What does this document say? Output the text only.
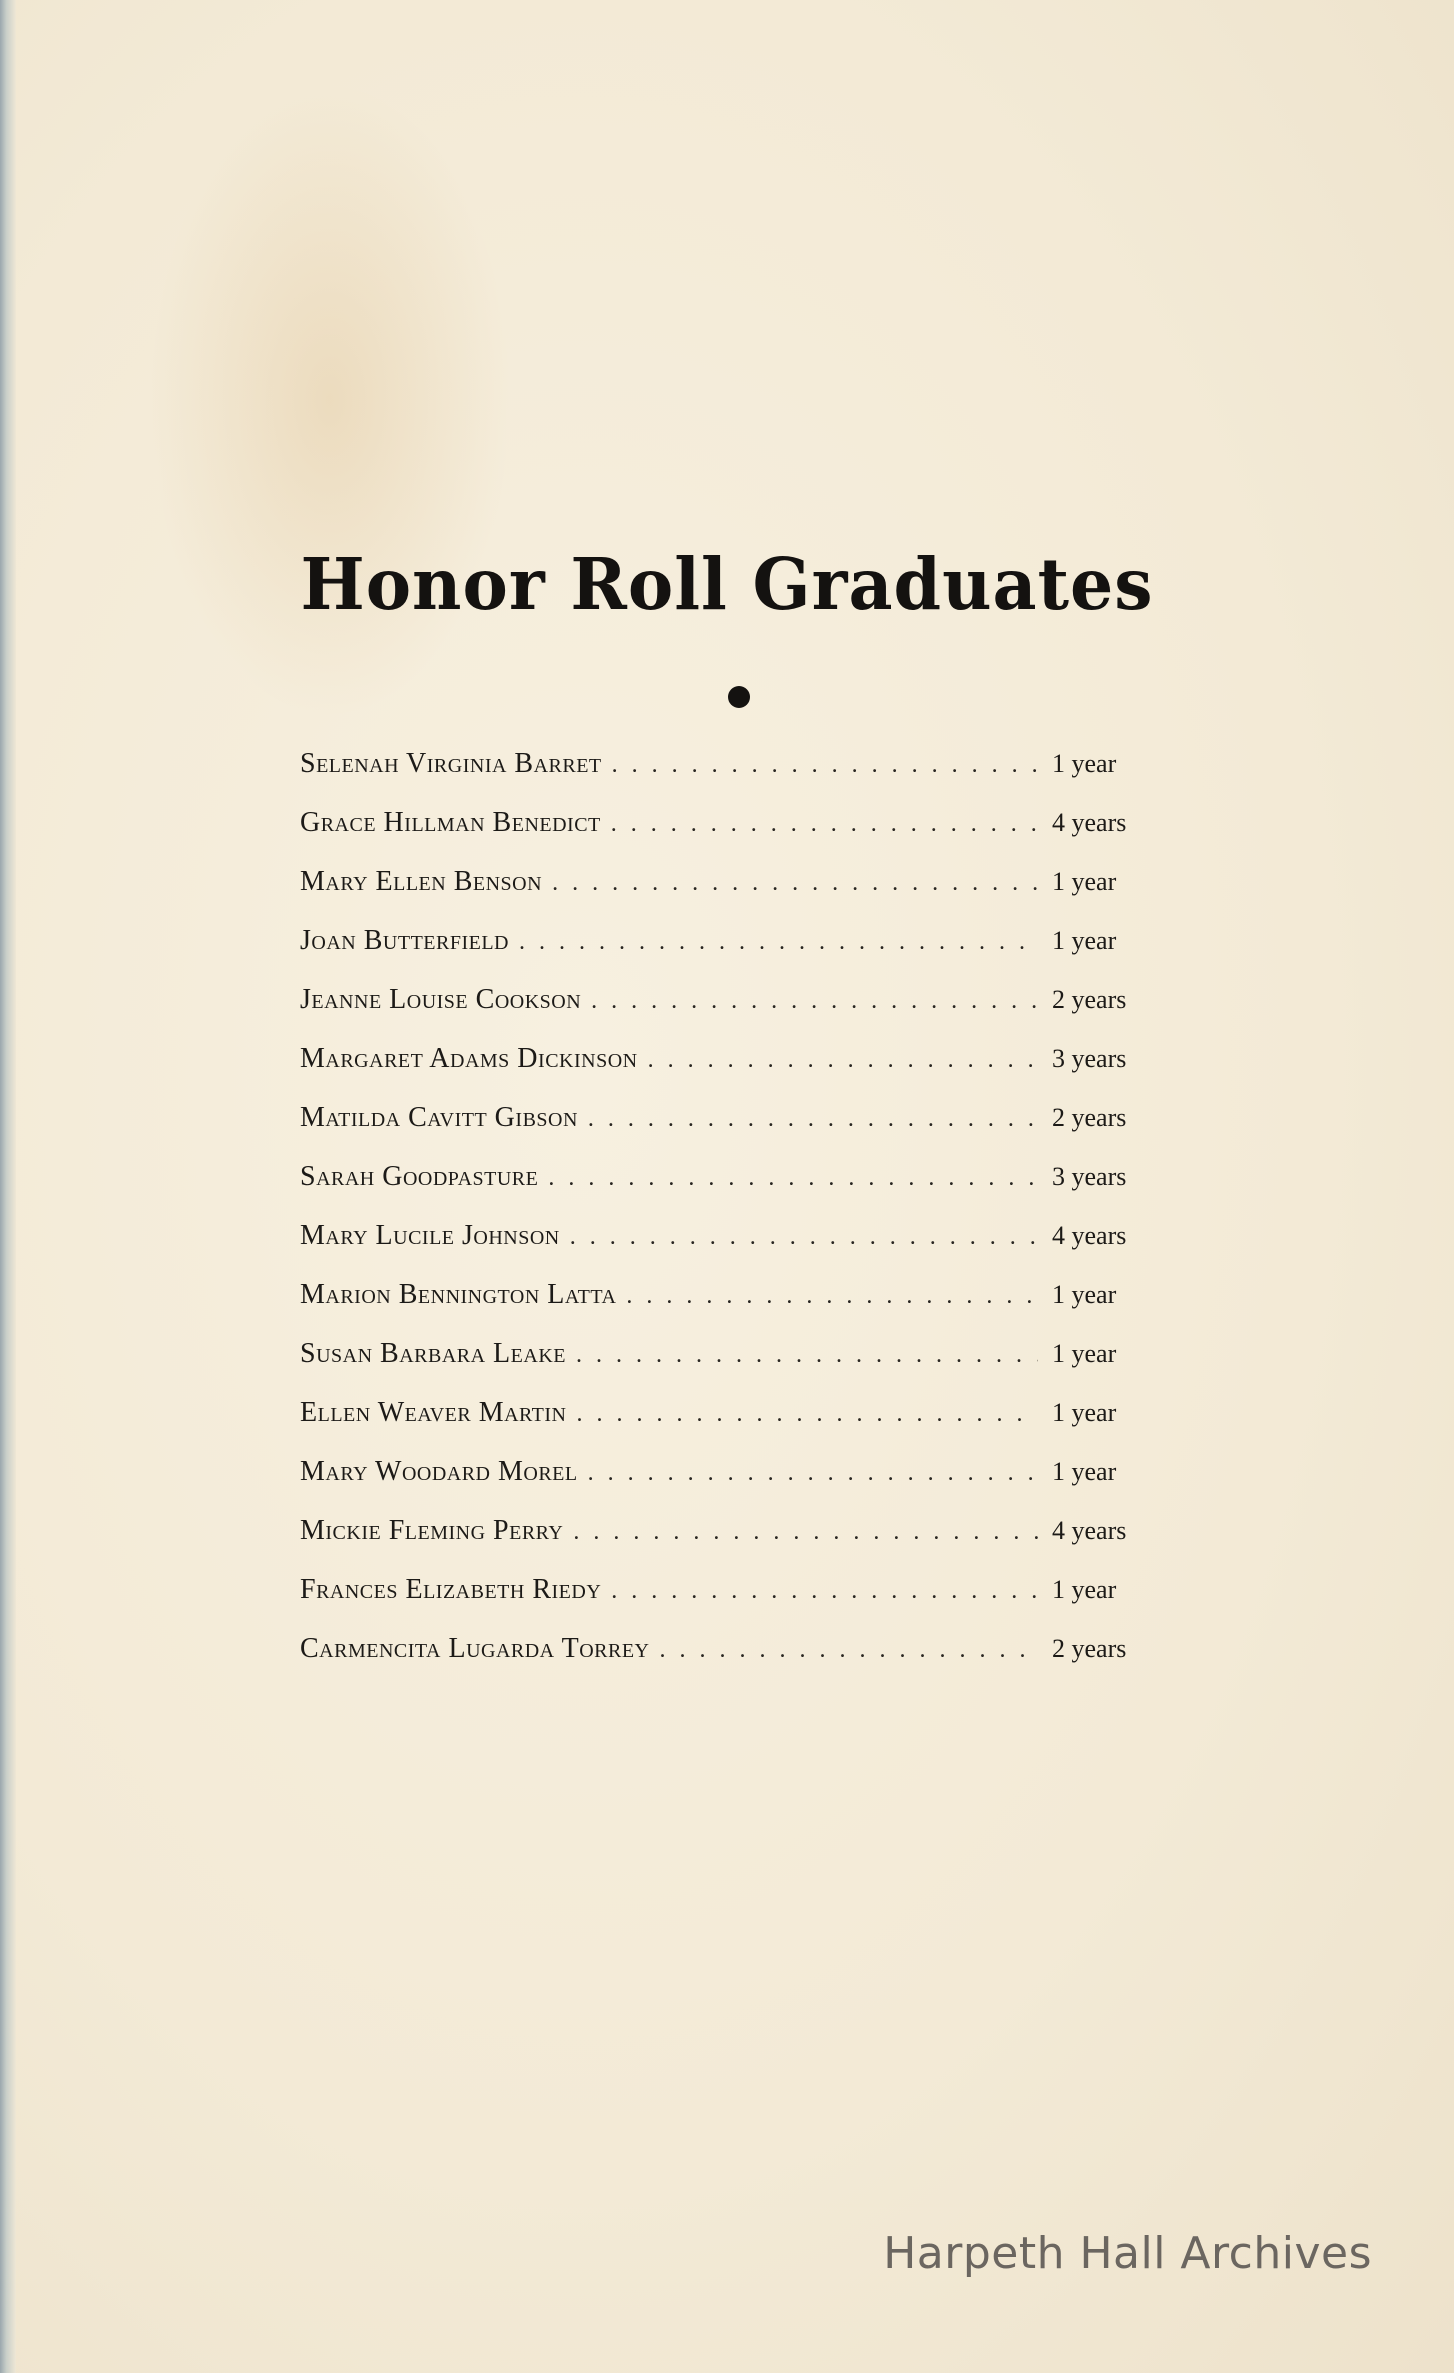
Honor Roll Graduates
Selenah Virginia Barret . . .	1 year
Grace Hillman Benedict . . .	4 years
Mary Ellen Benson . . .	1 year
Joan Butterfield . . .	1 year
Jeanne Louise Cookson . . .	2 years
Margaret Adams Dickinson . . .	3 years
Matilda Cavitt Gibson . . .	2 years
Sarah Goodpasture . . .	3 years
Mary Lucile Johnson . . .	4 years
Marion Bennington Latta . . .	1 year
Susan Barbara Leake . . .	1 year
Ellen Weaver Martin . . .	1 year
Mary Woodard Morel . . .	1 year
Mickie Fleming Perry . . .	4 years
Frances Elizabeth Riedy . . .	1 year
Carmencita Lugarda Torrey . . .	2 years
Harpeth Hall Archives
